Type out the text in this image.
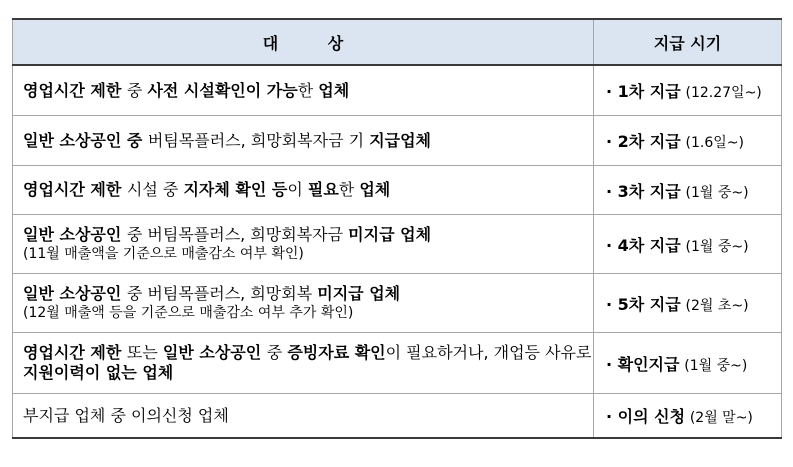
대 상	지급 시기
영업시간 제한 중 사전 시설확인이 가능한 업체	· 1차 지급 (12.27일~)
일반 소상공인 중 버팀목플러스, 희망회복자금 기 지급업체	· 2차 지급 (1.6일~)
영업시간 제한 시설 중 지자체 확인 등이 필요한 업체	· 3차 지급 (1월 중~)
일반 소상공인 중 버팀목플러스, 희망회복자금 미지급 업체
(11월 매출액을 기준으로 매출감소 여부 확인)	· 4차 지급 (1월 중~)
일반 소상공인 중 버팀목플러스, 희망회복 미지급 업체
(12월 매출액 등을 기준으로 매출감소 여부 추가 확인)	· 5차 지급 (2월 초~)
영업시간 제한 또는 일반 소상공인 중 증빙자료 확인이 필요하거나, 개업등 사유로 지원이력이 없는 업체	· 확인지급 (1월 중~)
부지급 업체 중 이의신청 업체	· 이의 신청 (2월 말~)
